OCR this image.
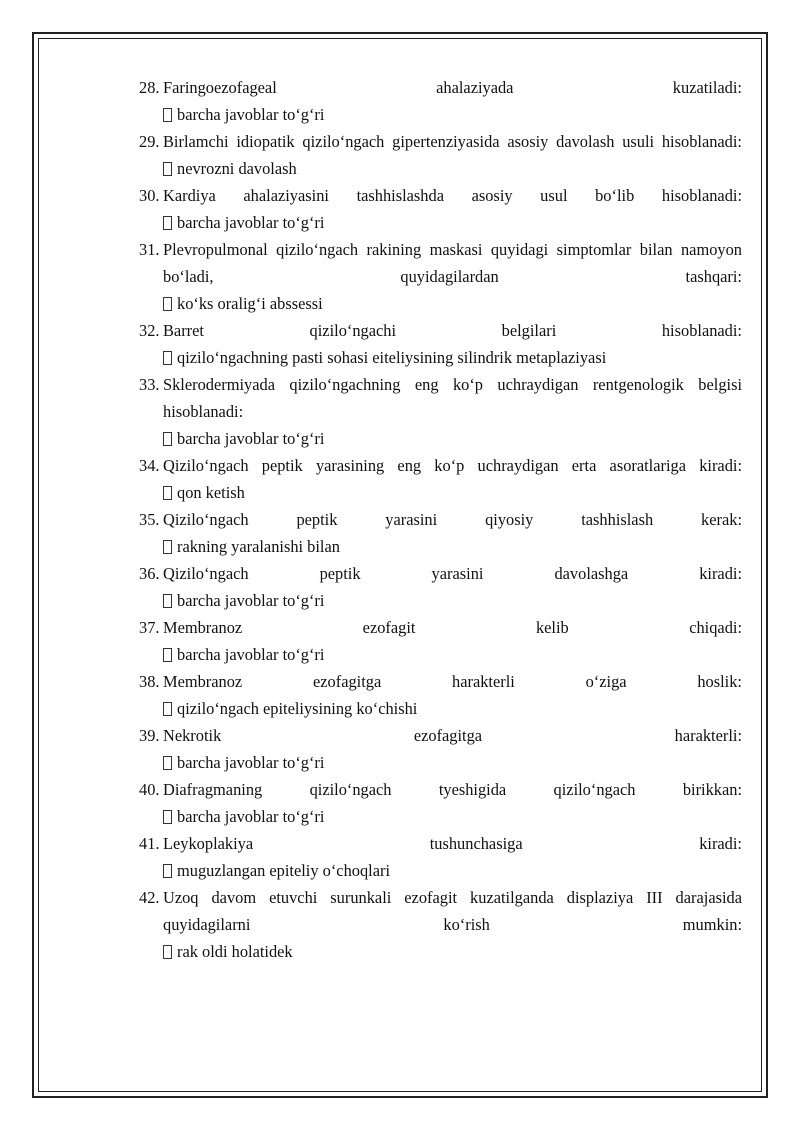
28. Faringoezofageal ahalaziyada kuzatiladi:
barcha javoblar to‘g‘ri
29. Birlamchi idiopatik qizilo‘ngach gipertenziyasida asosiy davolash usuli hisoblanadi:
nevrozni davolash
30. Kardiya ahalaziyasini tashhislashda asosiy usul bo‘lib hisoblanadi:
barcha javoblar to‘g‘ri
31. Plevropulmonal qizilo‘ngach rakining maskasi quyidagi simptomlar bilan namoyon bo‘ladi, quyidagilardan tashqari:
ko‘ks oralig‘i abssessi
32. Barret qizilo‘ngachi belgilari hisoblanadi:
qizilo‘ngachning pasti sohasi eiteliysining silindrik metaplaziyasi
33. Sklerodermiyada qizilo‘ngachning eng ko‘p uchraydigan rentgenologik belgisi hisoblanadi:
barcha javoblar to‘g‘ri
34. Qizilo‘ngach peptik yarasining eng ko‘p uchraydigan erta asoratlariga kiradi:
qon ketish
35. Qizilo‘ngach peptik yarasini qiyosiy tashhislash kerak:
rakning yaralanishi bilan
36. Qizilo‘ngach peptik yarasini davolashga kiradi:
barcha javoblar to‘g‘ri
37. Membranoz ezofagit kelib chiqadi:
barcha javoblar to‘g‘ri
38. Membranoz ezofagitga harakterli o‘ziga hoslik:
qizilo‘ngach epiteliysining ko‘chishi
39. Nekrotik ezofagitga harakterli:
barcha javoblar to‘g‘ri
40. Diafragmaning qizilo‘ngach tyeshigida qizilo‘ngach birikkan:
barcha javoblar to‘g‘ri
41. Leykoplakiya tushunchasiga kiradi:
muguzlangan epiteliy o‘choqlari
42. Uzoq davom etuvchi surunkali ezofagit kuzatilganda displaziya III darajasida quyidagilarni ko‘rish mumkin:
rak oldi holatidek
